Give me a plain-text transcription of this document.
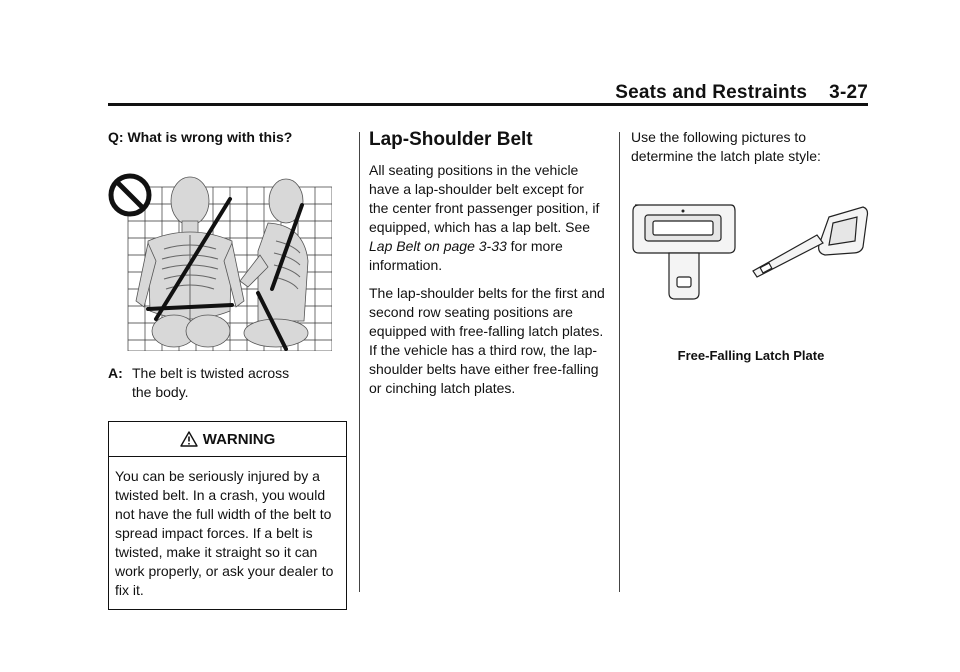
Seats and Restraints 3-27

Q: What is wrong with this?

A: The belt is twisted across the body.
WARNING
You can be seriously injured by a twisted belt. In a crash, you would not have the full width of the belt to spread impact forces. If a belt is twisted, make it straight so it can work properly, or ask your dealer to fix it.
Lap-Shoulder Belt

All seating positions in the vehicle have a lap-shoulder belt except for the center front passenger position, if equipped, which has a lap belt. See Lap Belt on page 3-33 for more information.

The lap-shoulder belts for the first and second row seating positions are equipped with free-falling latch plates. If the vehicle has a third row, the lap-shoulder belts have either free-falling or cinching latch plates.

Use the following pictures to determine the latch plate style:

Free-Falling Latch Plate
